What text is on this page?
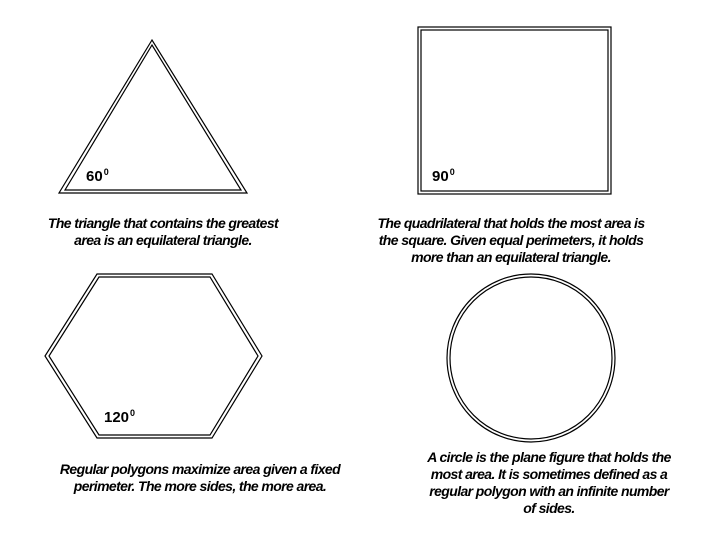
$60^0$	$90^0$
$120^0$

The triangle that contains the greatest

area is an equilateral triangle.

The quadrilateral that holds the most area is

the square. Given equal perimeters, it holds

more than an equilateral triangle.

Regular polygons maximize area given a fixed

perimeter. The more sides, the more area.

A circle is the plane figure that holds the

most area. It is sometimes defined as a

regular polygon with an infinite number

of sides.
